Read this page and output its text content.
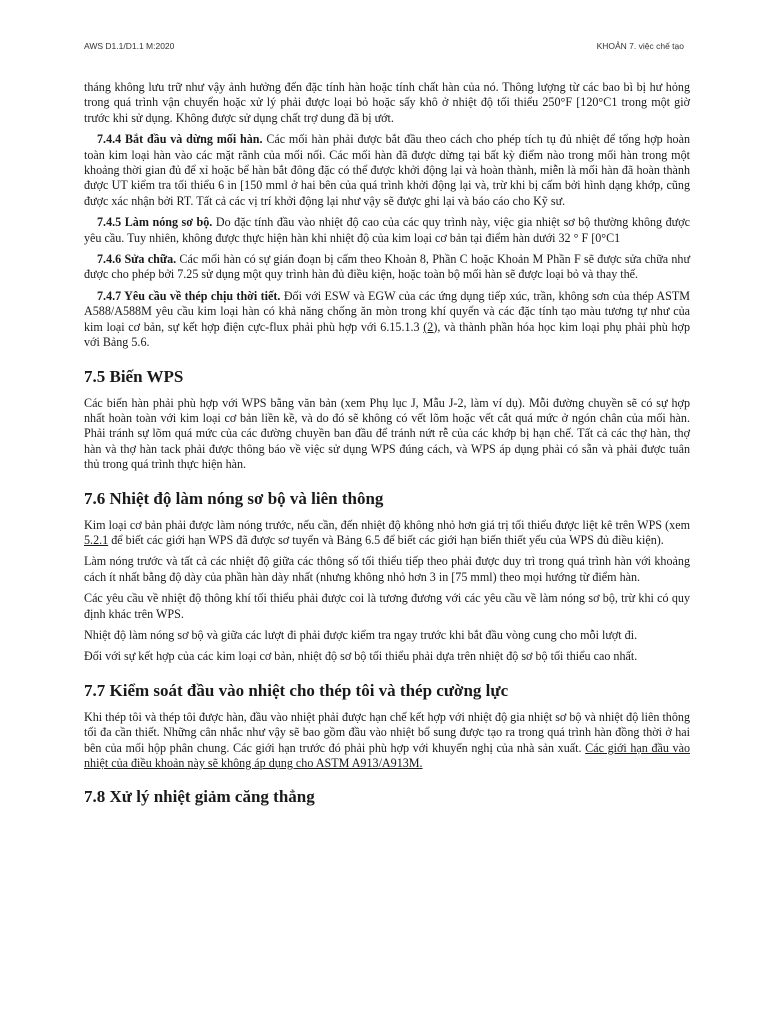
AWS D1.1/D1.1 M:2020	KHOẢN 7. việc chế tạo

tháng không lưu trữ như vậy ảnh hưởng đến đặc tính hàn hoặc tính chất hàn của nó. Thông lượng từ các bao bì bị hư hỏng trong quá trình vận chuyển hoặc xử lý phải được loại bỏ hoặc sấy khô ở nhiệt độ tối thiểu 250°F [120°C1 trong một giờ trước khi sử dụng. Không được sử dụng chất trợ dung đã bị ướt.

7.4.4 Bắt đầu và dừng mối hàn. Các mối hàn phải được bắt đầu theo cách cho phép tích tụ đủ nhiệt để tổng hợp hoàn toàn kim loại hàn vào các mặt rãnh của mối nối. Các mối hàn đã được dừng tại bất kỳ điểm nào trong mối hàn trong một khoảng thời gian đủ để xỉ hoặc bể hàn bắt đông đặc có thể được khởi động lại và hoàn thành, miễn là mối hàn đã hoàn thành được UT kiểm tra tối thiểu 6 in [150 mml ở hai bên của quá trình khởi động lại và, trừ khi bị cấm bởi hình dạng khớp, cũng được xác nhận bởi RT. Tất cả các vị trí khởi động lại như vậy sẽ được ghi lại và báo cáo cho Kỹ sư.

7.4.5 Làm nóng sơ bộ. Do đặc tính đầu vào nhiệt độ cao của các quy trình này, việc gia nhiệt sơ bộ thường không được yêu cầu. Tuy nhiên, không được thực hiện hàn khi nhiệt độ của kim loại cơ bản tại điểm hàn dưới 32 ° F [0°C1

7.4.6 Sửa chữa. Các mối hàn có sự gián đoạn bị cấm theo Khoản 8, Phần C hoặc Khoản M Phần F sẽ được sửa chữa như được cho phép bởi 7.25 sử dụng một quy trình hàn đủ điều kiện, hoặc toàn bộ mối hàn sẽ được loại bỏ và thay thế.

7.4.7 Yêu cầu về thép chịu thời tiết. Đối với ESW và EGW của các ứng dụng tiếp xúc, trần, không sơn của thép ASTM A588/A588M yêu cầu kim loại hàn có khả năng chống ăn mòn trong khí quyển và các đặc tính tạo màu tương tự như của kim loại cơ bản, sự kết hợp điện cực-flux phải phù hợp với 6.15.1.3 (2), và thành phần hóa học kim loại phụ phải phù hợp với Bảng 5.6.

7.5 Biến WPS

Các biến hàn phải phù hợp với WPS bằng văn bản (xem Phụ lục J, Mẫu J-2, làm ví dụ). Mỗi đường chuyền sẽ có sự hợp nhất hoàn toàn với kim loại cơ bản liền kề, và do đó sẽ không có vết lõm hoặc vết cắt quá mức ở ngón chân của mối hàn. Phải tránh sự lõm quá mức của các đường chuyền ban đầu để tránh nứt rễ của các khớp bị hạn chế. Tất cả các thợ hàn, thợ hàn và thợ hàn tack phải được thông báo về việc sử dụng WPS đúng cách, và WPS áp dụng phải có sẵn và phải được tuân thủ trong quá trình thực hiện hàn.

7.6 Nhiệt độ làm nóng sơ bộ và liên thông

Kim loại cơ bản phải được làm nóng trước, nếu cần, đến nhiệt độ không nhỏ hơn giá trị tối thiểu được liệt kê trên WPS (xem 5.2.1 để biết các giới hạn WPS đã được sơ tuyển và Bảng 6.5 để biết các giới hạn biến thiết yếu của WPS đủ điều kiện).

Làm nóng trước và tất cả các nhiệt độ giữa các thông số tối thiểu tiếp theo phải được duy trì trong quá trình hàn với khoảng cách ít nhất bằng độ dày của phần hàn dày nhất (nhưng không nhỏ hơn 3 in [75 mml) theo mọi hướng từ điểm hàn.

Các yêu cầu về nhiệt độ thông khí tối thiểu phải được coi là tương đương với các yêu cầu về làm nóng sơ bộ, trừ khi có quy định khác trên WPS.

Nhiệt độ làm nóng sơ bộ và giữa các lượt đi phải được kiểm tra ngay trước khi bắt đầu vòng cung cho mỗi lượt đi.

Đối với sự kết hợp của các kim loại cơ bản, nhiệt độ sơ bộ tối thiểu phải dựa trên nhiệt độ sơ bộ tối thiểu cao nhất.

7.7 Kiểm soát đầu vào nhiệt cho thép tôi và thép cường lực

Khi thép tôi và thép tôi được hàn, đầu vào nhiệt phải được hạn chế kết hợp với nhiệt độ gia nhiệt sơ bộ và nhiệt độ liên thông tối đa cần thiết. Những cân nhắc như vậy sẽ bao gồm đầu vào nhiệt bổ sung được tạo ra trong quá trình hàn đồng thời ở hai bên của mối hộp phân chung. Các giới hạn trước đó phải phù hợp với khuyến nghị của nhà sản xuất. Các giới hạn đầu vào nhiệt của điều khoản này sẽ không áp dụng cho ASTM A913/A913M.

7.8 Xử lý nhiệt giảm căng thẳng
